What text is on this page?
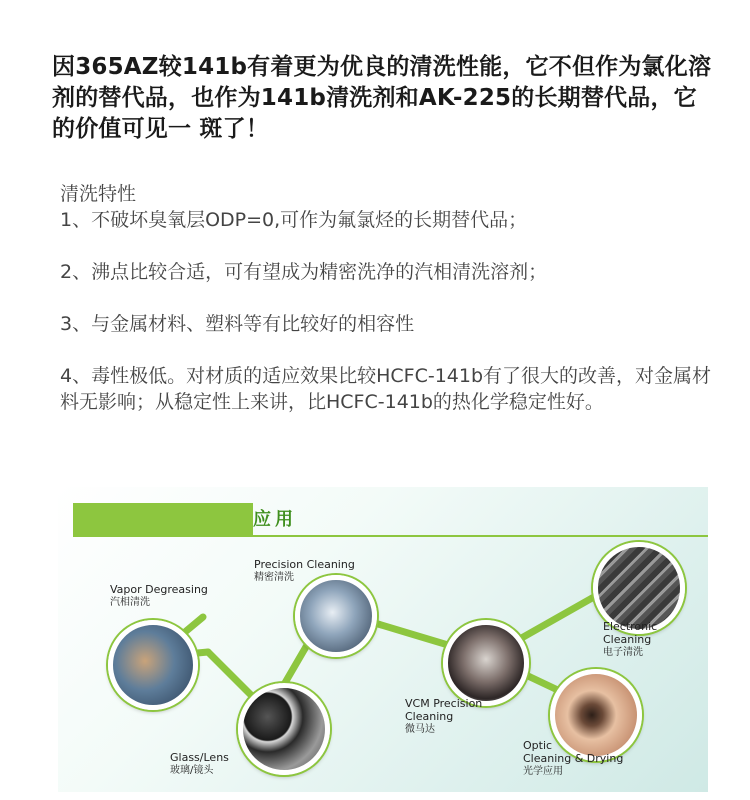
因365AZ较141b有着更为优良的清洗性能，它不但作为氯化溶剂的替代品，也作为141b清洗剂和AK-225的长期替代品，它的价值可见一 斑了！

清洗特性

1、不破坏臭氧层ODP=0,可作为氟氯烃的长期替代品；

2、沸点比较合适，可有望成为精密洗净的汽相清洗溶剂；

3、与金属材料、塑料等有比较好的相容性

4、毒性极低。对材质的适应效果比较HCFC-141b有了很大的改善，对金属材料无影响；从稳定性上来讲，比HCFC-141b的热化学稳定性好。

应用
Vapor Degreasing
汽相清洗
Precision Cleaning
精密清洗
Glass/Lens
玻璃/镜头
VCM Precision
Cleaning
微马达
Electronic
Cleaning
电子清洗
Optic
Cleaning & Drying
光学应用
